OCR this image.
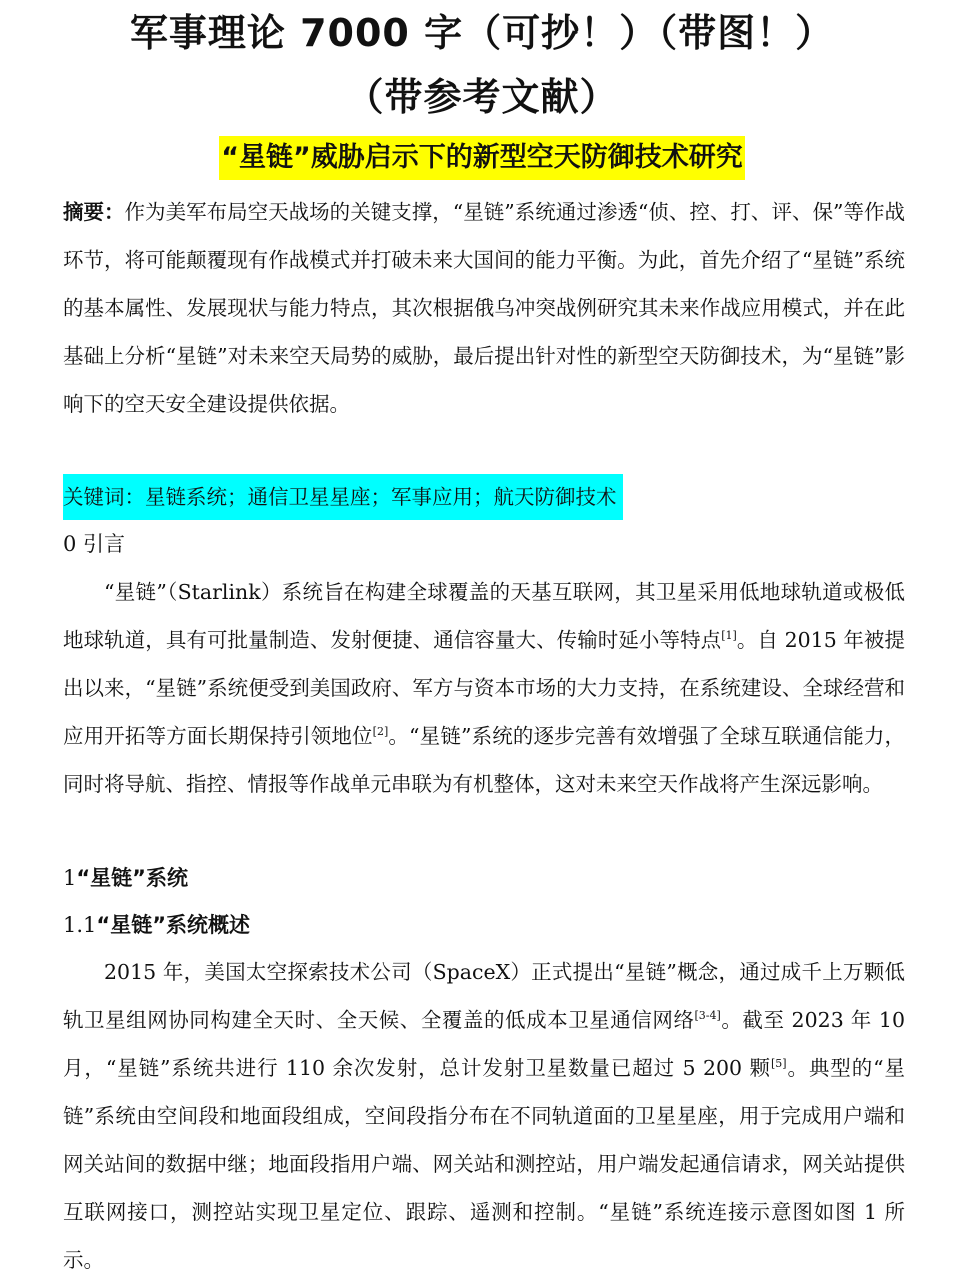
军事理论 7000 字（可抄！）（带图！）
（带参考文献）
“星链”威胁启示下的新型空天防御技术研究
摘要：作为美军布局空天战场的关键支撑，“星链”系统通过渗透“侦、控、打、评、保”等作战环节，将可能颠覆现有作战模式并打破未来大国间的能力平衡。为此，首先介绍了“星链”系统的基本属性、发展现状与能力特点，其次根据俄乌冲突战例研究其未来作战应用模式，并在此基础上分析“星链”对未来空天局势的威胁，最后提出针对性的新型空天防御技术，为“星链”影响下的空天安全建设提供依据。
关键词：星链系统；通信卫星星座；军事应用；航天防御技术
0 引言
“星链”（Starlink）系统旨在构建全球覆盖的天基互联网，其卫星采用低地球轨道或极低地球轨道，具有可批量制造、发射便捷、通信容量大、传输时延小等特点[1]。自 2015 年被提出以来，“星链”系统便受到美国政府、军方与资本市场的大力支持，在系统建设、全球经营和应用开拓等方面长期保持引领地位[2]。“星链”系统的逐步完善有效增强了全球互联通信能力，同时将导航、指控、情报等作战单元串联为有机整体，这对未来空天作战将产生深远影响。
1“星链”系统
1.1“星链”系统概述
2015 年，美国太空探索技术公司（SpaceX）正式提出“星链”概念，通过成千上万颗低轨卫星组网协同构建全天时、全天候、全覆盖的低成本卫星通信网络[3-4]。截至 2023 年 10 月，“星链”系统共进行 110 余次发射，总计发射卫星数量已超过 5 200 颗[5]。典型的“星链”系统由空间段和地面段组成，空间段指分布在不同轨道面的卫星星座，用于完成用户端和网关站间的数据中继；地面段指用户端、网关站和测控站，用户端发起通信请求，网关站提供互联网接口，测控站实现卫星定位、跟踪、遥测和控制。“星链”系统连接示意图如图 1 所示。
